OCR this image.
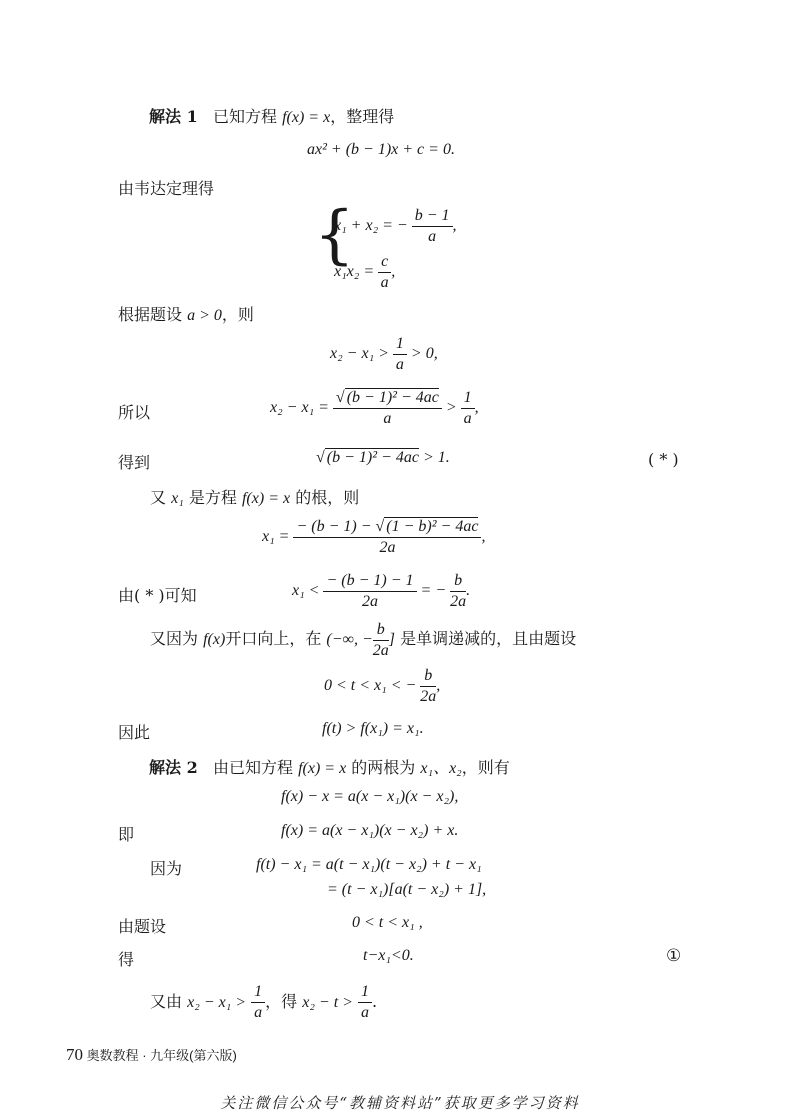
解法 1 已知方程 f(x) = x，整理得
ax² + (b − 1)x + c = 0.
由韦达定理得
{
x₁ + x₂ = − $\frac{b - 1}{a}$ ,
$x_1x_2 = \frac{c}{a}$ ,
根据题设 a > 0，则
$x_2 - x_1 > \frac{1}{a} > 0$,
所以	$x_2 - x_1 = \frac{\text{√ (b − 1)² − 4ac}}{a} > \frac{1}{a}$ ,
得到	√ (b − 1)² − 4ac > 1.	( * )
又 x₁ 是方程 f(x) = x 的根，则
$x_1 = \frac{\text{− (b − 1) − √ (1 − b)² − 4ac}}{2a}$ ,
由( * )可知	$x_1 < \frac{- (b - 1) - 1}{2a}$ = − $\frac{b}{2a}$ .
又因为 f(x)开口向上，在 (−∞, − $\frac{b}{2a}$ ] 是单调递减的，且由题设
0 < t < x₁ < − $\frac{b}{2a}$ ,
因此	f(t) > f(x₁) = x₁.
解法 2 由已知方程 f(x) = x 的两根为 x₁、x₂，则有
f(x) − x = a(x − x₁)(x − x₂),
即	f(x) = a(x − x₁)(x − x₂) + x.
因为	f(t) − x₁ = a(t − x₁)(t − x₂) + t − x₁
= (t − x₁)[a(t − x₂) + 1],
由题设	0 < t < x₁ ,
得	t−x₁<0.	①
又由 $x_2 - x_1 > \frac{1}{a}$ ，得 $x_2 - t > \frac{1}{a}$ .
70 奥数教程 · 九年级(第六版)
关注微信公众号“教辅资料站”获取更多学习资料
